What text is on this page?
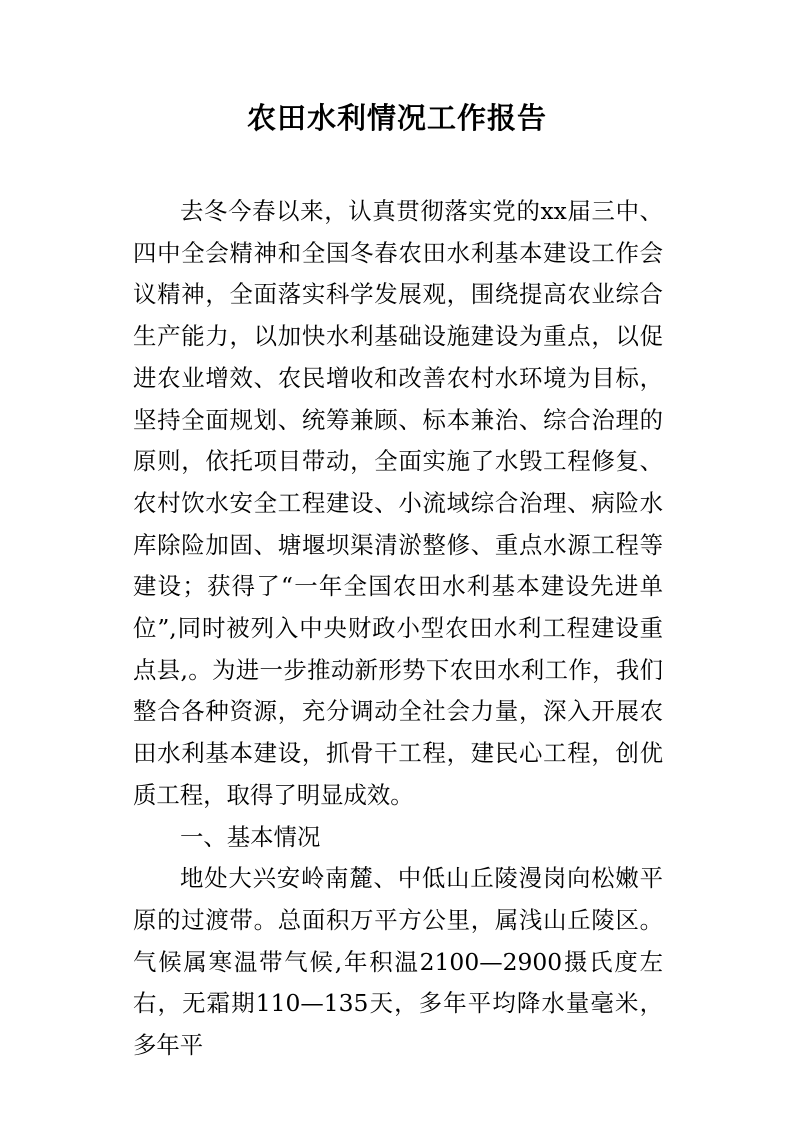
农田水利情况工作报告

去冬今春以来，认真贯彻落实党的xx届三中、四中全会精神和全国冬春农田水利基本建设工作会议精神，全面落实科学发展观，围绕提高农业综合生产能力，以加快水利基础设施建设为重点，以促进农业增效、农民增收和改善农村水环境为目标，坚持全面规划、统筹兼顾、标本兼治、综合治理的原则，依托项目带动，全面实施了水毁工程修复、农村饮水安全工程建设、小流域综合治理、病险水库除险加固、塘堰坝渠清淤整修、重点水源工程等建设；获得了“一年全国农田水利基本建设先进单位”,同时被列入中央财政小型农田水利工程建设重点县,。为进一步推动新形势下农田水利工作，我们整合各种资源，充分调动全社会力量，深入开展农田水利基本建设，抓骨干工程，建民心工程，创优质工程，取得了明显成效。

一、基本情况

地处大兴安岭南麓、中低山丘陵漫岗向松嫩平原的过渡带。总面积万平方公里，属浅山丘陵区。气候属寒温带气候,年积温2100—2900摄氏度左右，无霜期110—135天，多年平均降水量毫米，多年平
